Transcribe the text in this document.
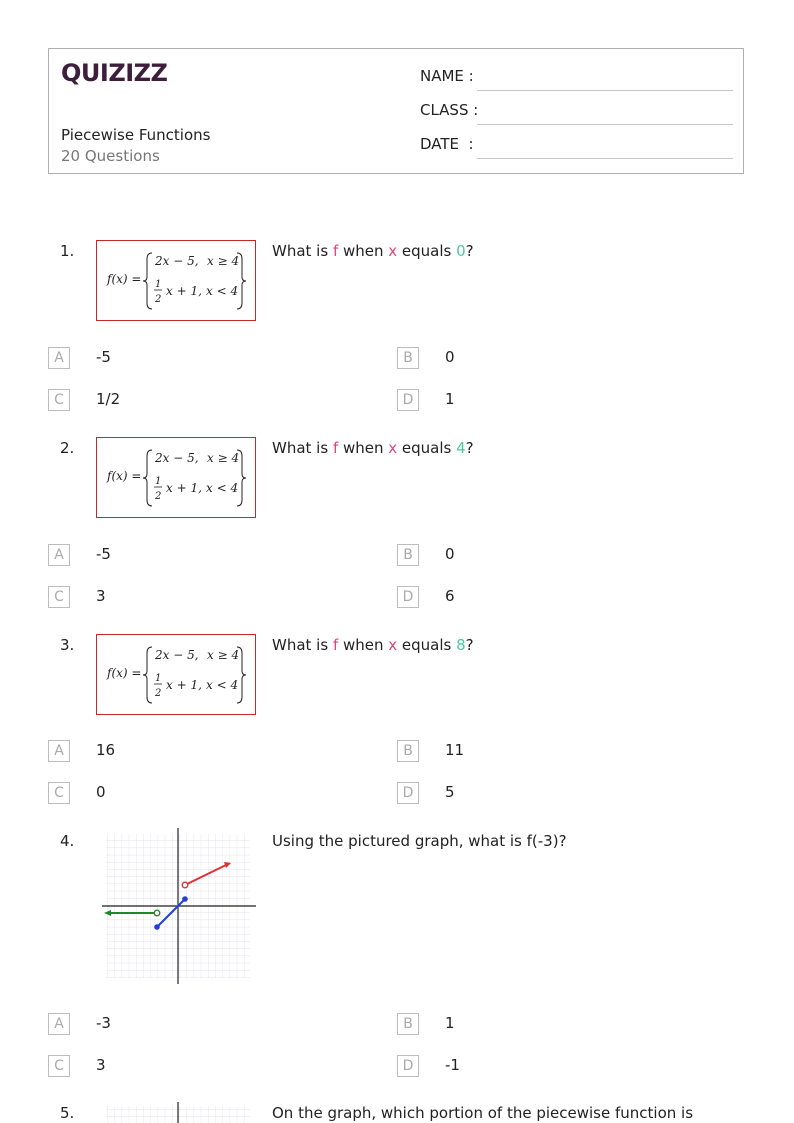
QUIZIZZ
Piecewise Functions
20 Questions
NAME :
CLASS :
DATE  :
1.
f(x) =
2x − 5, x ≥ 4
1
2
x + 1, x < 4
What is f when x equals 0?
A	-5	B	0
C	1/2	D	1
2.
f(x) =
2x − 5, x ≥ 4
1
2
x + 1, x < 4
What is f when x equals 4?
A	-5	B	0
C	3	D	6
3.
f(x) =
2x − 5, x ≥ 4
1
2
x + 1, x < 4
What is f when x equals 8?
A	16	B	11
C	0	D	5
4.	Using the pictured graph, what is f(-3)?
A	-3	B	1
C	3	D	-1
5.	On the graph, which portion of the piecewise function is
